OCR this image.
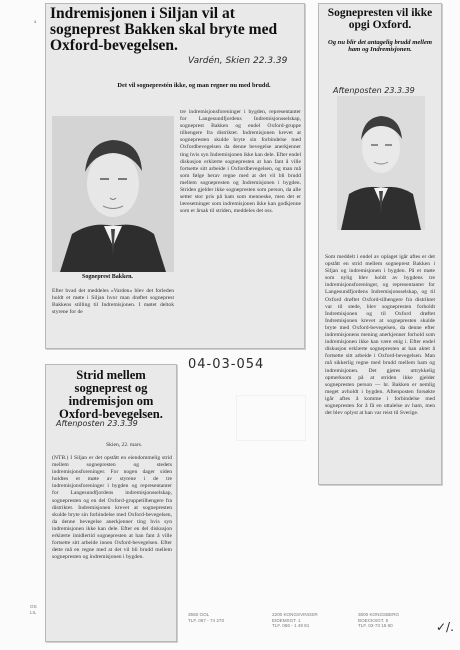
a
Indremisjonen i Siljan vil at sogneprest Bakken skal bryte med Oxford-bevegelsen.
Vardén, Skien 22.3.39
Det vil sogneprestén ikke, og man regner nu med brudd.
Sogneprest Bakken.
Efter hvad det meddeles «Varden» blev det forleden holdt et møte i Siljan hvor man drøftet sogneprest Bakkens stilling til Indremisjonen. I møtet deltok styrene for de
tre indremisjonsforeninger i bygden, representanter for Langesundfjordens Indremisjonsselskap, sogneprest Bakken og endel Oxford-gruppe tilhengere fra distriktet. Indremisjonen krevet at sognepresten skulde bryte sin forbindelse med Oxfordbevegelsen da denne bevegelse anerkjenner ting hvis syn Indremisjonen ikke kan dele. Efter endel diskusjon erklærte sognepresten at han fant å ville fortsette sitt arbeide i Oxfordbevegelsen, og man må som følge herav regne med at det vil bli brudd mellem sognepresten og Indremisjonen i bygden. Striden gjelder ikke sognepresten som person, da alle setter stor pris på ham som menneske, men det er læresetninger som indremisjonen ikke kan godkjenne som er årsak til striden, meddeles det oss.
Sognepresten vil ikke opgi Oxford.
Og nu blir det antagelig brudd mellem ham og Indremisjonen.
Aftenposten 23.3.39
Som meddelt i endel av oplaget igår aftes er det opstått en strid mellem sogneprest Bakken i Siljan og indremisjonen i bygden. På et møte som nylig blev holdt av bygdens tre indremisjonsforeninger, og representanter for Langesundfjordens Indremisjonsselskap, og til Oxford drøftet Oxford-tilhengere fra distriktet var til stede, blev sognepresten forholdt Indremisjonen og til Oxford drøftet Indremisjonen krevet at sognepresten skulde bryte med Oxford-bevegelsen, da denne efter indremisjonens mening anerkjenner forhold som indremisjonen ikke kan være enig i. Efter endel diskusjon erklærte sognepresten at han aktet å fortsette sitt arbeide i Oxford-bevegelsen. Man må sikkerlig regne med brudd mellem ham og indremisjonen. Det gjøres uttrykkelig opmerksom på at striden ikke gjelder sognepresten person — hr. Bakken er nemlig meget avholdt i bygden. Aftenposten forsøkte igår aftes å komme i forbindelse med sognepresten for å få en uttalelse av ham, men det blev oplyst at han var reist til Sverige.
04-03-054
Strid mellem sogneprest og indremisjon om Oxford-bevegelsen.
Aftenposten 23.3.39
Skien, 22. mars.
(NTB.) I Siljan er det opstått en eiendommelig strid mellem sognepresten og stedets indremisjonsforeninger. For nogen dager siden holdtes et møte av styrene i de tre indremisjonsforeninger i bygden og representanter for Langesundfjordens indremisjonsselskap, sognepresten og en del Oxford-gruppetilhengere fra distriktet. Indremisjonen krevet at sognepresten skulde bryte sin forbindelse med Oxford-bevegelsen, da denne bevegelse anerkjenner ting hvis syn indremisjonen ikke kan dele. Efter en del diskusjon erklærte imidlertid sognepresten at han fant å ville fortsette sitt arbeide innen Oxford-bevegelsen. Efter dette må en regne med at det vil bli brudd mellem sognepresten og indremisjonen i bygden.
OS
LIL	3550 GOL
TLF. 067 - 74 270
2200 KONGSVINGER
EIDEMSGT. 1
TLF. 066 - 1 49 81
3600 KONGSBERG
BOECKSGT. 5
TLF. 03-73 15 60	✓/.
